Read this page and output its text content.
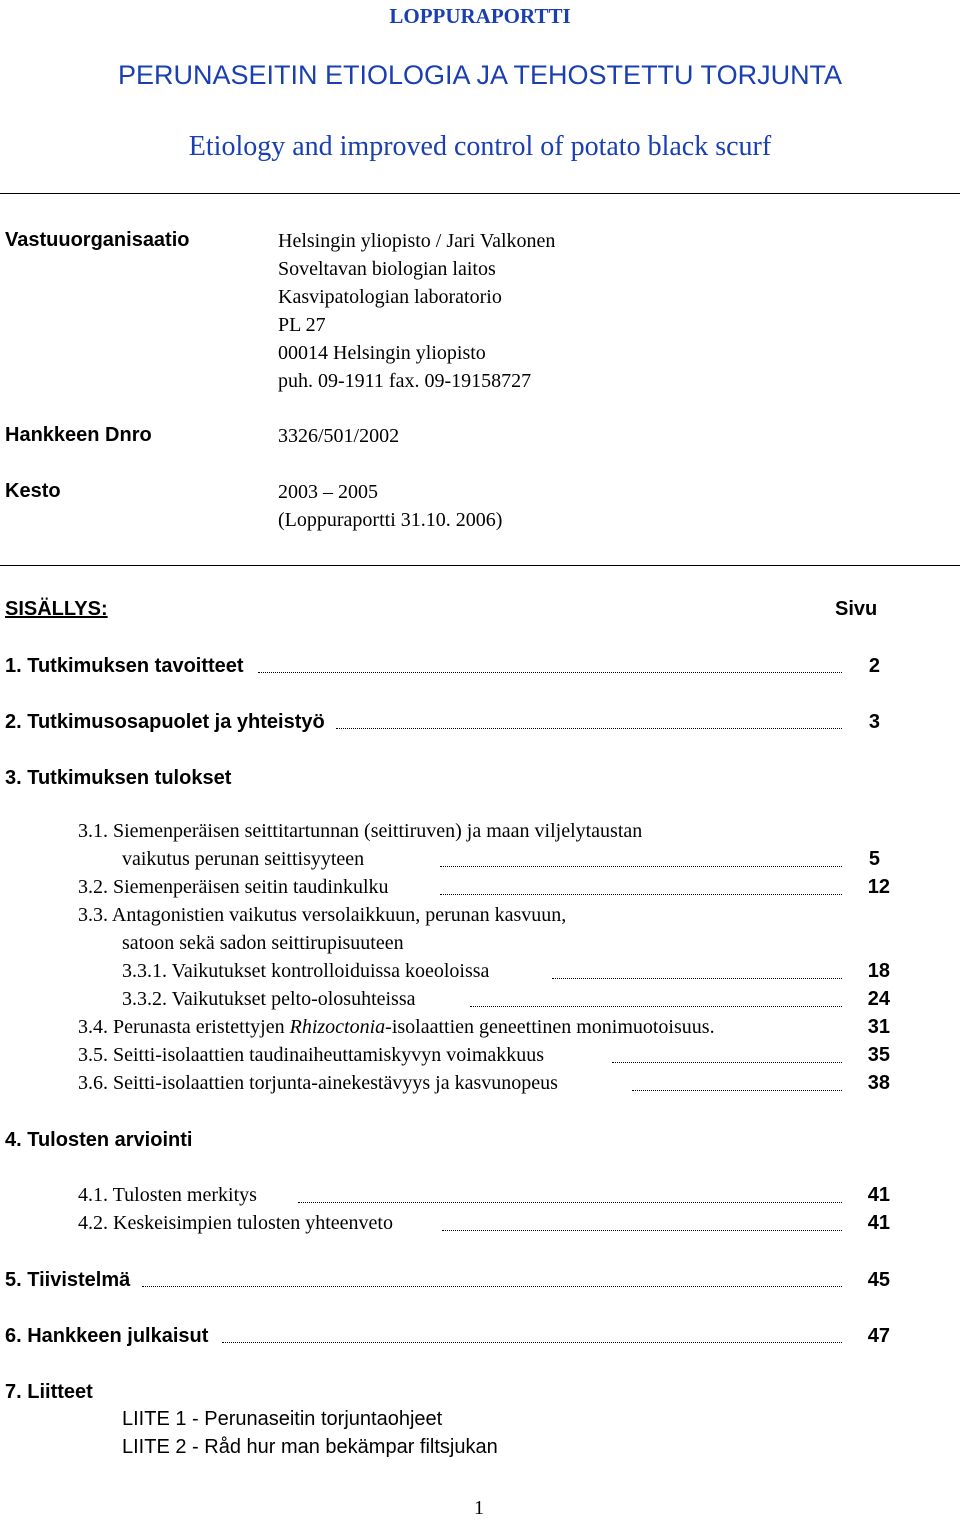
LOPPURAPORTTI
PERUNASEITIN ETIOLOGIA JA TEHOSTETTU TORJUNTA
Etiology and improved control of potato black scurf
Vastuuorganisaatio	Helsingin yliopisto / Jari Valkonen
Soveltavan biologian laitos
Kasvipatologian laboratorio
PL 27
00014 Helsingin yliopisto
puh. 09-1911 fax. 09-19158727
Hankkeen Dnro	3326/501/2002
Kesto	2003 – 2005
(Loppuraportti 31.10. 2006)
SISÄLLYS:	Sivu
1. Tutkimuksen tavoitteet	2
2. Tutkimusosapuolet ja yhteistyö	3
3. Tutkimuksen tulokset
3.1. Siemenperäisen seittitartunnan (seittiruven) ja maan viljelytaustan
vaikutus perunan seittisyyteen	5
3.2. Siemenperäisen seitin taudinkulku	12
3.3. Antagonistien vaikutus versolaikkuun, perunan kasvuun,
satoon sekä sadon seittirupisuuteen
3.3.1. Vaikutukset kontrolloiduissa koeoloissa	18
3.3.2. Vaikutukset pelto-olosuhteissa	24
3.4. Perunasta eristettyjen Rhizoctonia-isolaattien geneettinen monimuotoisuus.	31
3.5. Seitti-isolaattien taudinaiheuttamiskyvyn voimakkuus	35
3.6. Seitti-isolaattien torjunta-ainekestävyys ja kasvunopeus	38
4. Tulosten arviointi
4.1. Tulosten merkitys	41
4.2. Keskeisimpien tulosten yhteenveto	41
5. Tiivistelmä	45
6. Hankkeen julkaisut	47
7. Liitteet
LIITE 1 - Perunaseitin torjuntaohjeet
LIITE 2 - Råd hur man bekämpar filtsjukan
1
